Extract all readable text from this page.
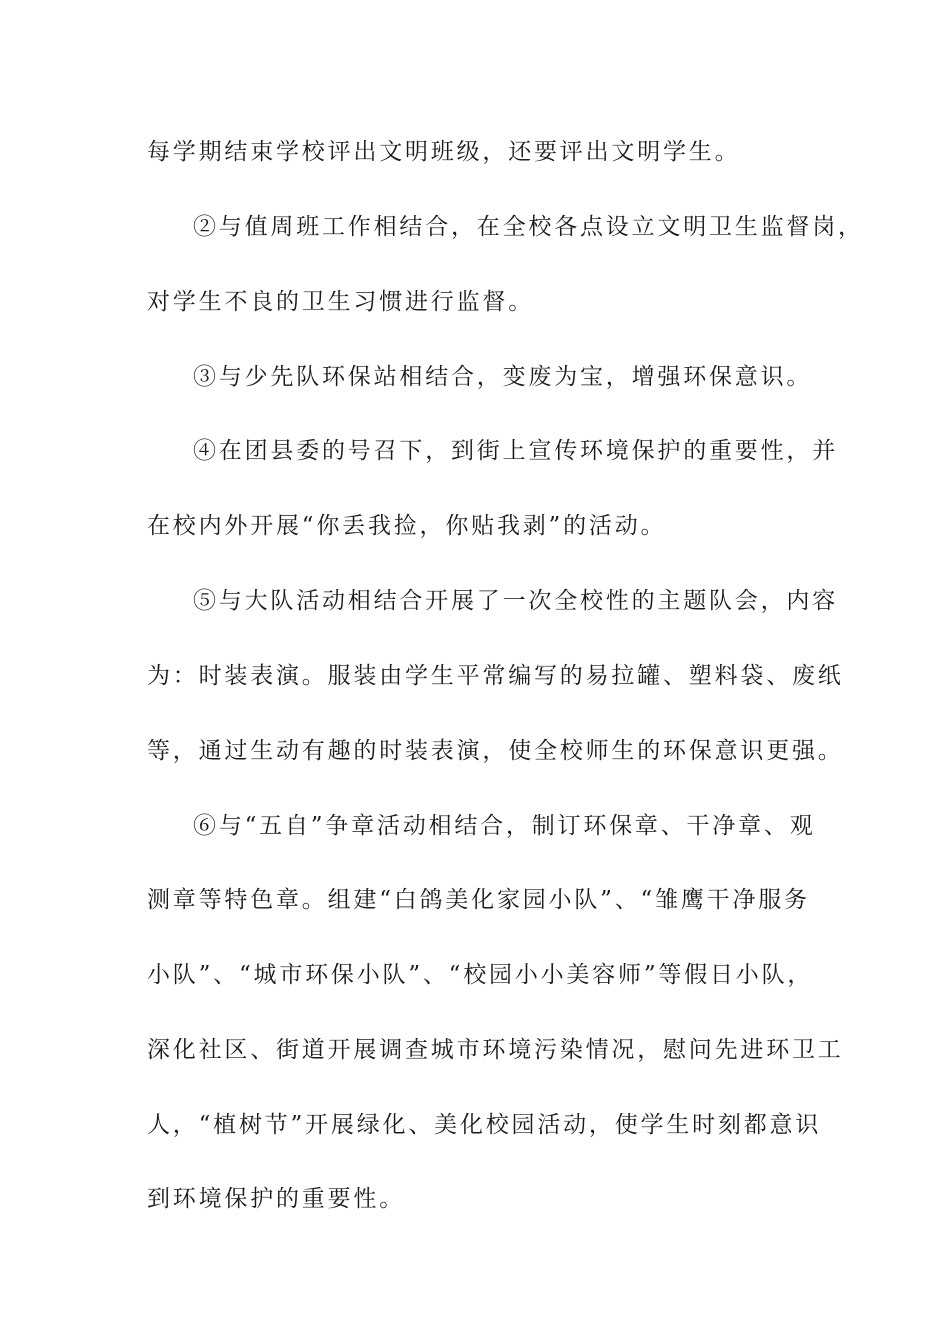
每学期结束学校评出文明班级，还要评出文明学生。
②与值周班工作相结合，在全校各点设立文明卫生监督岗，
对学生不良的卫生习惯进行监督。
③与少先队环保站相结合，变废为宝，增强环保意识。
④在团县委的号召下，到街上宣传环境保护的重要性，并
在校内外开展“你丢我捡，你贴我剥”的活动。
⑤与大队活动相结合开展了一次全校性的主题队会，内容
为：时装表演。服装由学生平常编写的易拉罐、塑料袋、废纸
等，通过生动有趣的时装表演，使全校师生的环保意识更强。
⑥与“五自”争章活动相结合，制订环保章、干净章、观
测章等特色章。组建“白鸽美化家园小队”、“雏鹰干净服务
小队”、“城市环保小队”、“校园小小美容师”等假日小队，
深化社区、街道开展调查城市环境污染情况，慰问先进环卫工
人，“植树节”开展绿化、美化校园活动，使学生时刻都意识
到环境保护的重要性。
